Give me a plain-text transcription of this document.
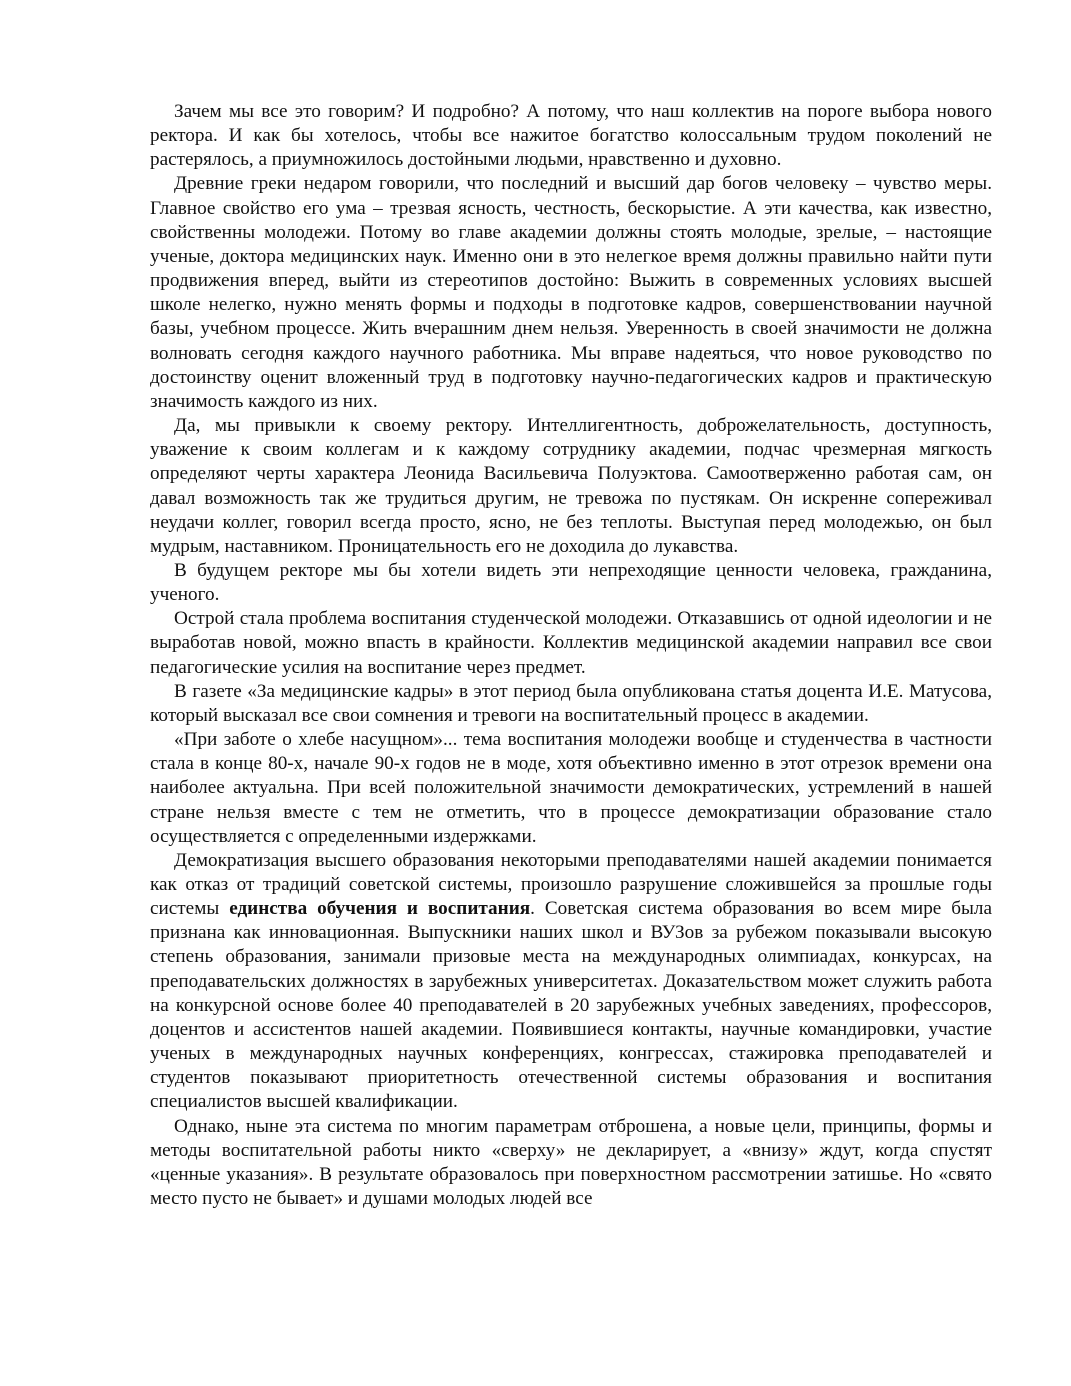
Зачем мы все это говорим? И подробно? А потому, что наш коллектив на пороге выбора нового ректора. И как бы хотелось, чтобы все нажитое богатство колоссальным трудом поколений не растерялось, а приумножилось достойными людьми, нравственно и духовно.

Древние греки недаром говорили, что последний и высший дар богов человеку – чувство меры. Главное свойство его ума – трезвая ясность, честность, бескорыстие. А эти качества, как известно, свойственны молодежи. Потому во главе академии должны стоять молодые, зрелые, – настоящие ученые, доктора медицинских наук. Именно они в это нелегкое время должны правильно найти пути продвижения вперед, выйти из стереотипов достойно: Выжить в современных условиях высшей школе нелегко, нужно менять формы и подходы в подготовке кадров, совершенствовании научной базы, учебном процессе. Жить вчерашним днем нельзя. Уверенность в своей значимости не должна волновать сегодня каждого научного работника. Мы вправе надеяться, что новое руководство по достоинству оценит вложенный труд в подготовку научно-педагогических кадров и практическую значимость каждого из них.

Да, мы привыкли к своему ректору. Интеллигентность, доброжелательность, доступность, уважение к своим коллегам и к каждому сотруднику академии, подчас чрезмерная мягкость определяют черты характера Леонида Васильевича Полуэктова. Самоотверженно работая сам, он давал возможность так же трудиться другим, не тревожа по пустякам. Он искренне сопереживал неудачи коллег, говорил всегда просто, ясно, не без теплоты. Выступая перед молодежью, он был мудрым, наставником. Проницательность его не доходила до лукавства.

В будущем ректоре мы бы хотели видеть эти непреходящие ценности человека, гражданина, ученого.

Острой стала проблема воспитания студенческой молодежи. Отказавшись от одной идеологии и не выработав новой, можно впасть в крайности. Коллектив медицинской академии направил все свои педагогические усилия на воспитание через предмет.

В газете «За медицинские кадры» в этот период была опубликована статья доцента И.Е. Матусова, который высказал все свои сомнения и тревоги на воспитательный процесс в академии.

«При заботе о хлебе насущном»... тема воспитания молодежи вообще и студенчества в частности стала в конце 80-х, начале 90-х годов не в моде, хотя объективно именно в этот отрезок времени она наиболее актуальна. При всей положительной значимости демократических, устремлений в нашей стране нельзя вместе с тем не отметить, что в процессе демократизации образование стало осуществляется с определенными издержками.

Демократизация высшего образования некоторыми преподавателями нашей академии понимается как отказ от традиций советской системы, произошло разрушение сложившейся за прошлые годы системы единства обучения и воспитания. Советская система образования во всем мире была признана как инновационная. Выпускники наших школ и ВУЗов за рубежом показывали высокую степень образования, занимали призовые места на международных олимпиадах, конкурсах, на преподавательских должностях в зарубежных университетах. Доказательством может служить работа на конкурсной основе более 40 преподавателей в 20 зарубежных учебных заведениях, профессоров, доцентов и ассистентов нашей академии. Появившиеся контакты, научные командировки, участие ученых в международных научных конференциях, конгрессах, стажировка преподавателей и студентов показывают приоритетность отечественной системы образования и воспитания специалистов высшей квалификации.

Однако, ныне эта система по многим параметрам отброшена, а новые цели, принципы, формы и методы воспитательной работы никто «сверху» не декларирует, а «внизу» ждут, когда спустят «ценные указания». В результате образовалось при поверхностном рассмотрении затишье. Но «свято место пусто не бывает» и душами молодых людей все
